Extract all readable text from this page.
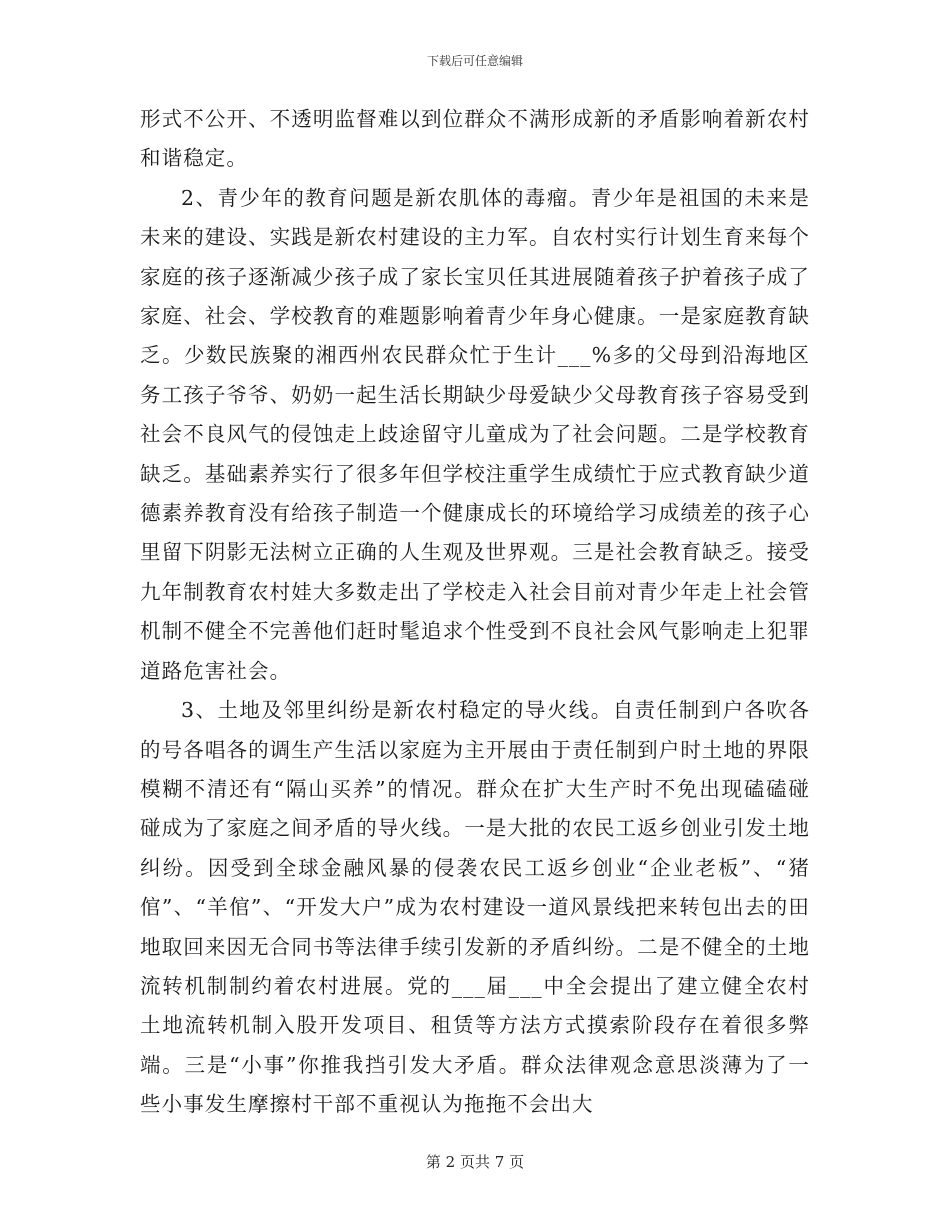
下载后可任意编辑

形式不公开、不透明监督难以到位群众不满形成新的矛盾影响着新农村和谐稳定。

2、青少年的教育问题是新农肌体的毒瘤。青少年是祖国的未来是未来的建设、实践是新农村建设的主力军。自农村实行计划生育来每个家庭的孩子逐渐减少孩子成了家长宝贝任其进展随着孩子护着孩子成了家庭、社会、学校教育的难题影响着青少年身心健康。一是家庭教育缺乏。少数民族聚的湘西州农民群众忙于生计___%多的父母到沿海地区务工孩子爷爷、奶奶一起生活长期缺少母爱缺少父母教育孩子容易受到社会不良风气的侵蚀走上歧途留守儿童成为了社会问题。二是学校教育缺乏。基础素养实行了很多年但学校注重学生成绩忙于应式教育缺少道德素养教育没有给孩子制造一个健康成长的环境给学习成绩差的孩子心里留下阴影无法树立正确的人生观及世界观。三是社会教育缺乏。接受九年制教育农村娃大多数走出了学校走入社会目前对青少年走上社会管机制不健全不完善他们赶时髦追求个性受到不良社会风气影响走上犯罪道路危害社会。

3、土地及邻里纠纷是新农村稳定的导火线。自责任制到户各吹各的号各唱各的调生产生活以家庭为主开展由于责任制到户时土地的界限模糊不清还有“隔山买养”的情况。群众在扩大生产时不免出现磕磕碰碰成为了家庭之间矛盾的导火线。一是大批的农民工返乡创业引发土地纠纷。因受到全球金融风暴的侵袭农民工返乡创业“企业老板”、“猪倌”、“羊倌”、“开发大户”成为农村建设一道风景线把来转包出去的田地取回来因无合同书等法律手续引发新的矛盾纠纷。二是不健全的土地流转机制制约着农村进展。党的___届___中全会提出了建立健全农村土地流转机制入股开发项目、租赁等方法方式摸索阶段存在着很多弊端。三是“小事”你推我挡引发大矛盾。群众法律观念意思淡薄为了一些小事发生摩擦村干部不重视认为拖拖不会出大

第 2 页共 7 页
